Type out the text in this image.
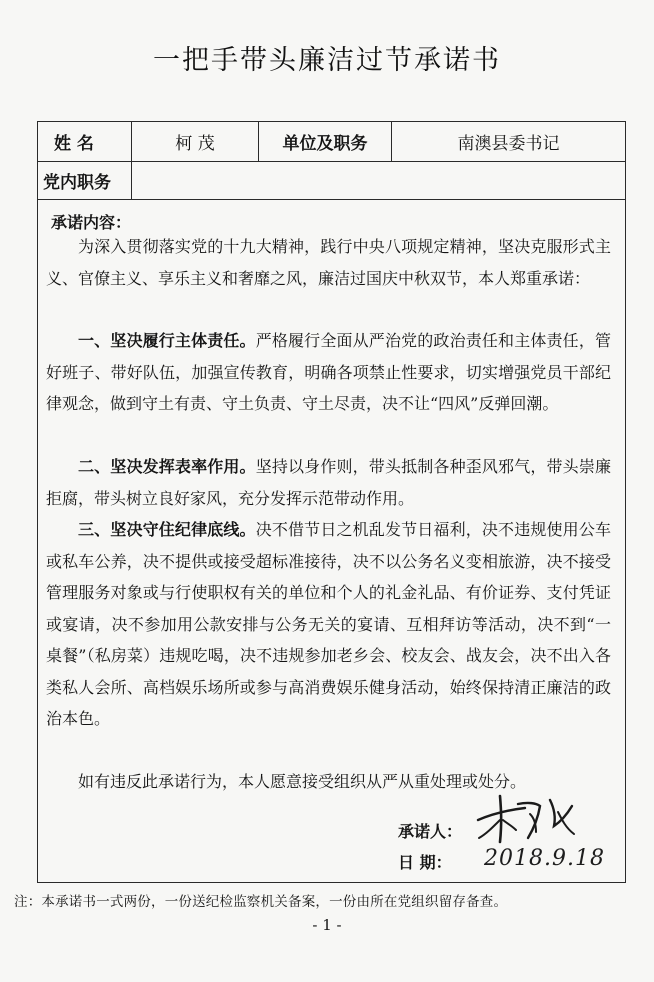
一把手带头廉洁过节承诺书
姓 名	柯 茂	单位及职务	南澳县委书记
党内职务
承诺内容：

为深入贯彻落实党的十九大精神，践行中央八项规定精神，坚决克服形式主义、官僚主义、享乐主义和奢靡之风，廉洁过国庆中秋双节，本人郑重承诺：

一、坚决履行主体责任。严格履行全面从严治党的政治责任和主体责任，管好班子、带好队伍，加强宣传教育，明确各项禁止性要求，切实增强党员干部纪律观念，做到守土有责、守土负责、守土尽责，决不让“四风”反弹回潮。

二、坚决发挥表率作用。坚持以身作则，带头抵制各种歪风邪气，带头崇廉拒腐，带头树立良好家风，充分发挥示范带动作用。

三、坚决守住纪律底线。决不借节日之机乱发节日福利，决不违规使用公车或私车公养，决不提供或接受超标准接待，决不以公务名义变相旅游，决不接受管理服务对象或与行使职权有关的单位和个人的礼金礼品、有价证券、支付凭证或宴请，决不参加用公款安排与公务无关的宴请、互相拜访等活动，决不到“一桌餐”（私房菜）违规吃喝，决不违规参加老乡会、校友会、战友会，决不出入各类私人会所、高档娱乐场所或参与高消费娱乐健身活动，始终保持清正廉洁的政治本色。

如有违反此承诺行为，本人愿意接受组织从严从重处理或处分。

承诺人：
日 期： 2018.9.18
注：本承诺书一式两份，一份送纪检监察机关备案，一份由所在党组织留存备查。
- 1 -
